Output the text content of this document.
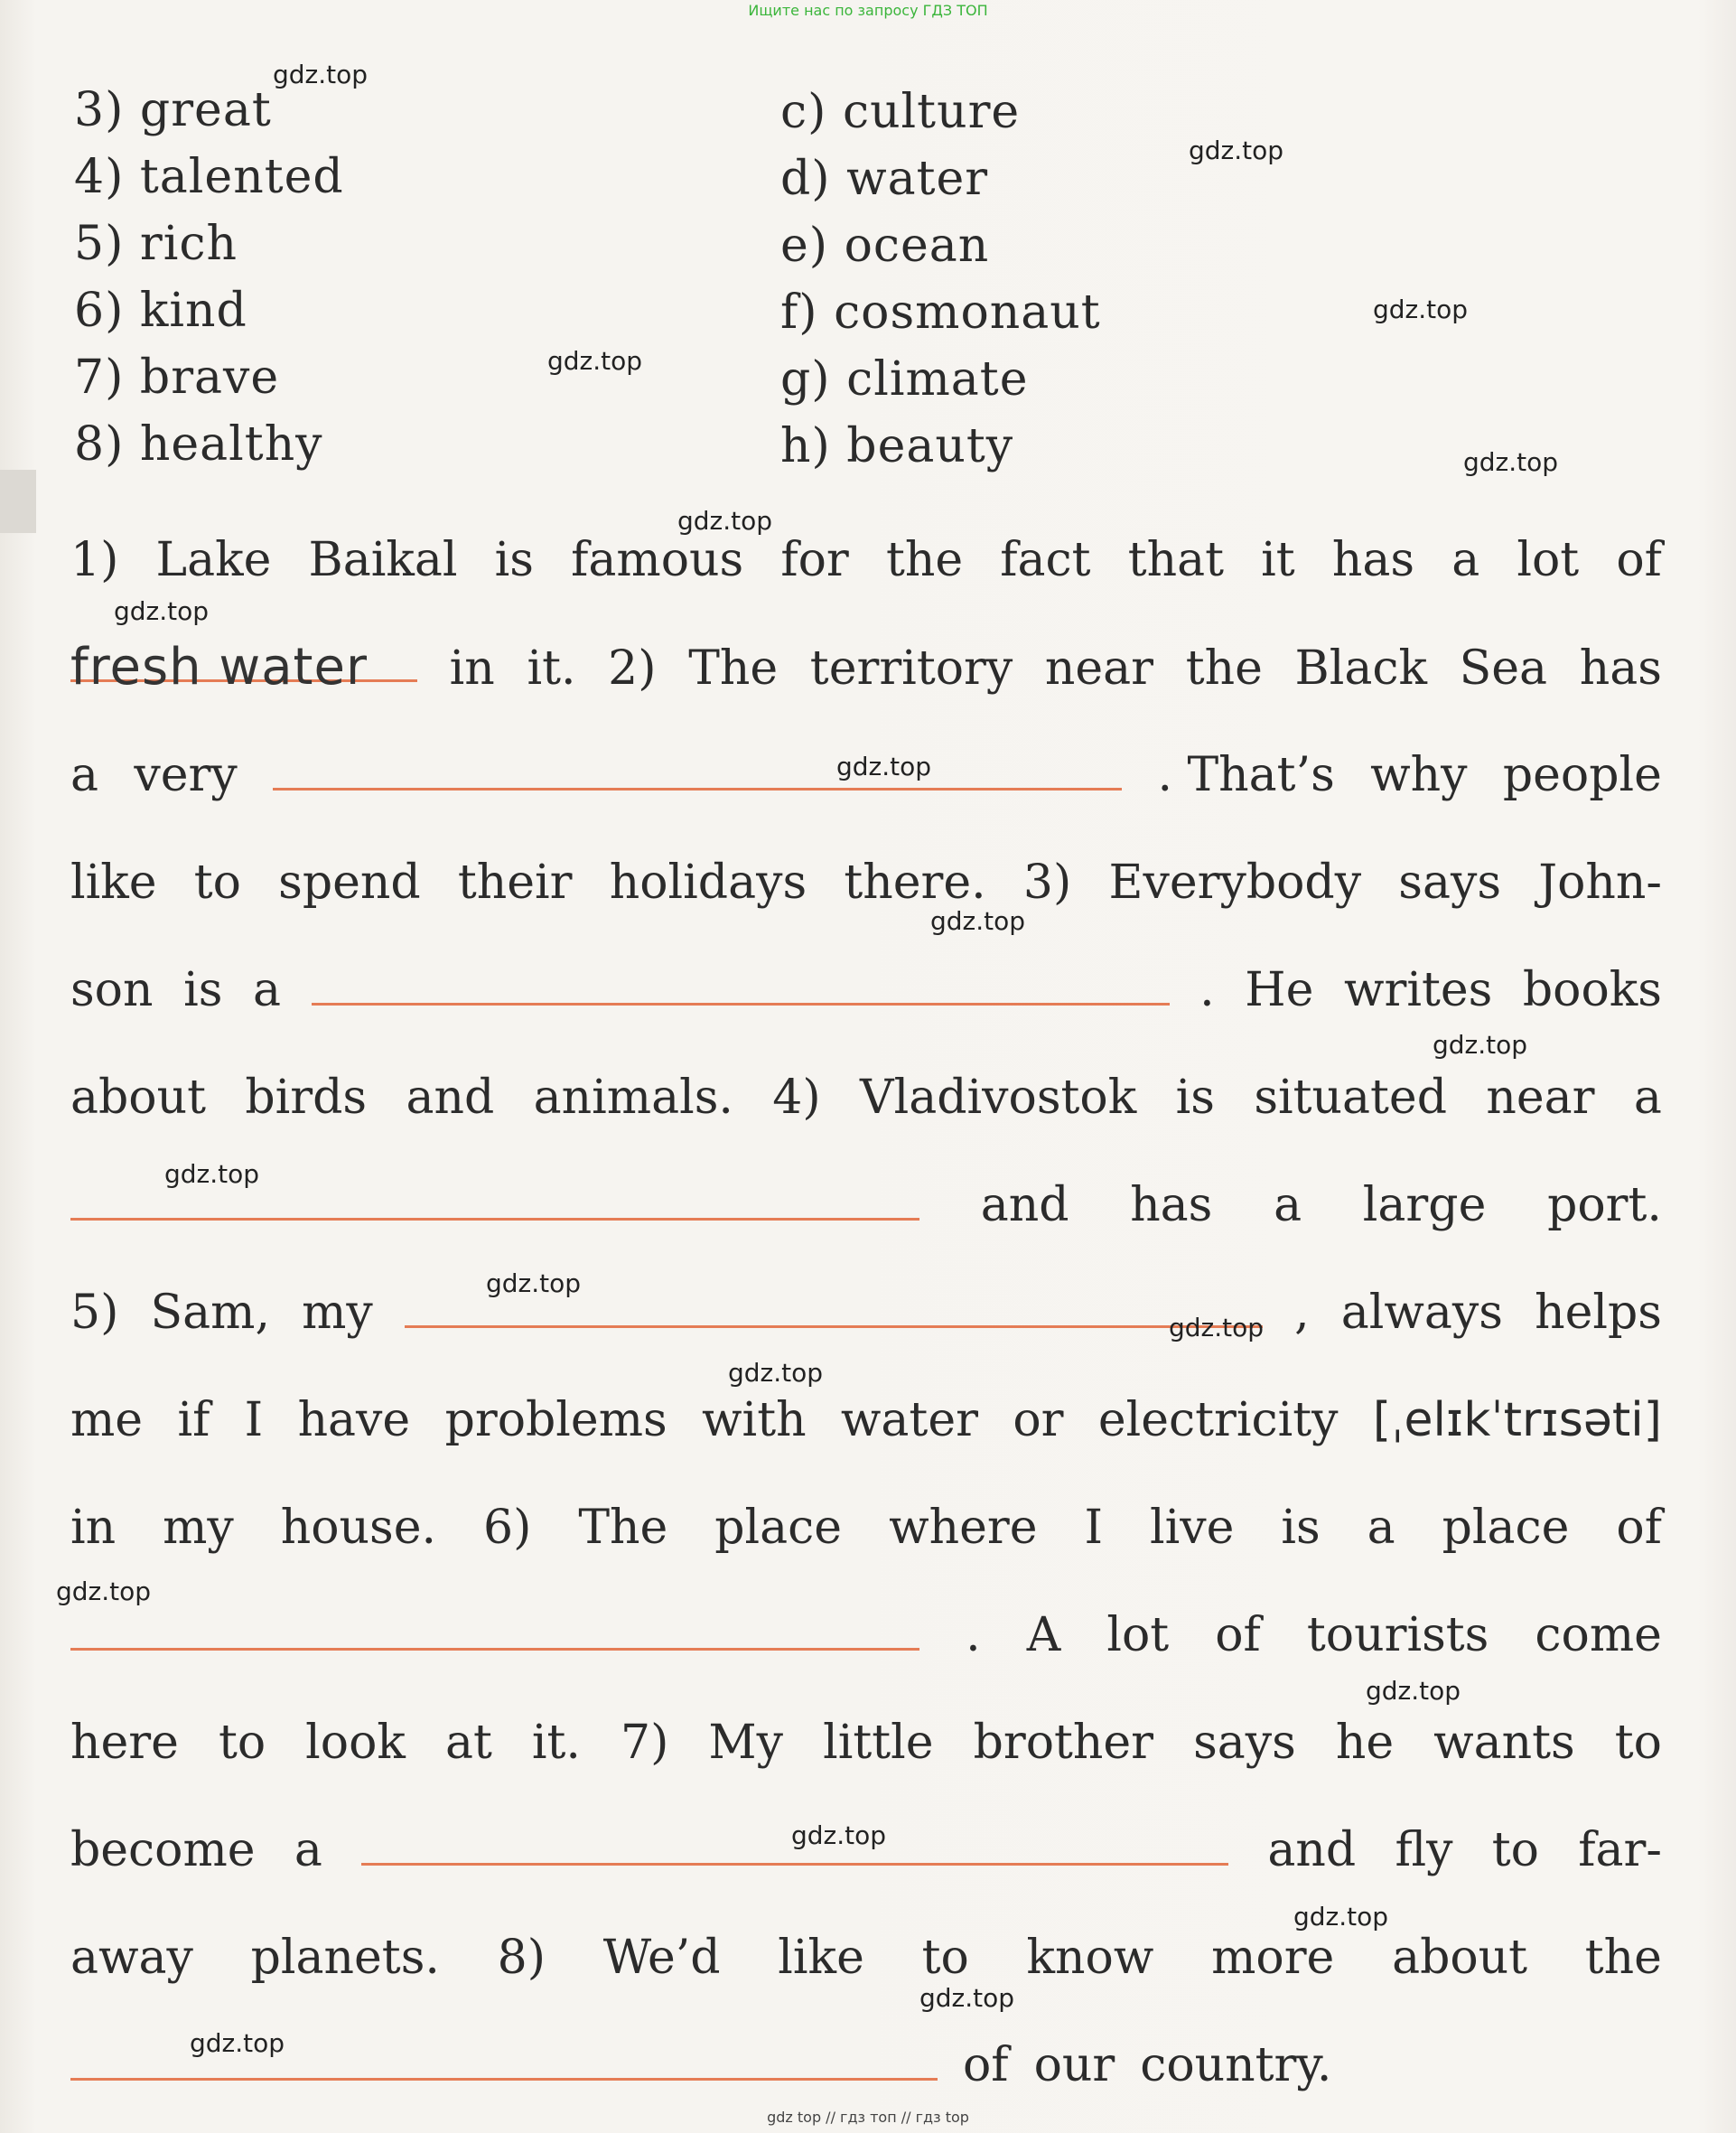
Ищите нас по запросу ГДЗ ТОП
3) great
4) talented
5) rich
6) kind
7) brave
8) healthy
c) culture
d) water
e) ocean
f) cosmonaut
g) climate
h) beauty
1) Lake Baikal is famous for the fact that it has a lot of
fresh water	in it. 2) The territory near the Black Sea has
a very	. That’s why people
like to spend their holidays there. 3) Everybody says John-
son is a	. He writes books
about birds and animals. 4) Vladivostok is situated near a
and has a large port.
5) Sam, my	, always helps
me if I have problems with water or electricity [ˌelɪkˈtrɪsəti]
in my house. 6) The place where I live is a place of
. A lot of tourists come
here to look at it. 7) My little brother says he wants to
become a	and fly to far-
away planets. 8) We’d like to know more about the
of our country.
gdz.top
gdz.top
gdz.top
gdz.top
gdz.top
gdz.top
gdz.top
gdz.top
gdz.top
gdz.top
gdz.top
gdz.top
gdz.top
gdz.top
gdz.top
gdz.top
gdz.top
gdz.top
gdz.top
gdz.top
gdz top // гдз топ // гдз top
